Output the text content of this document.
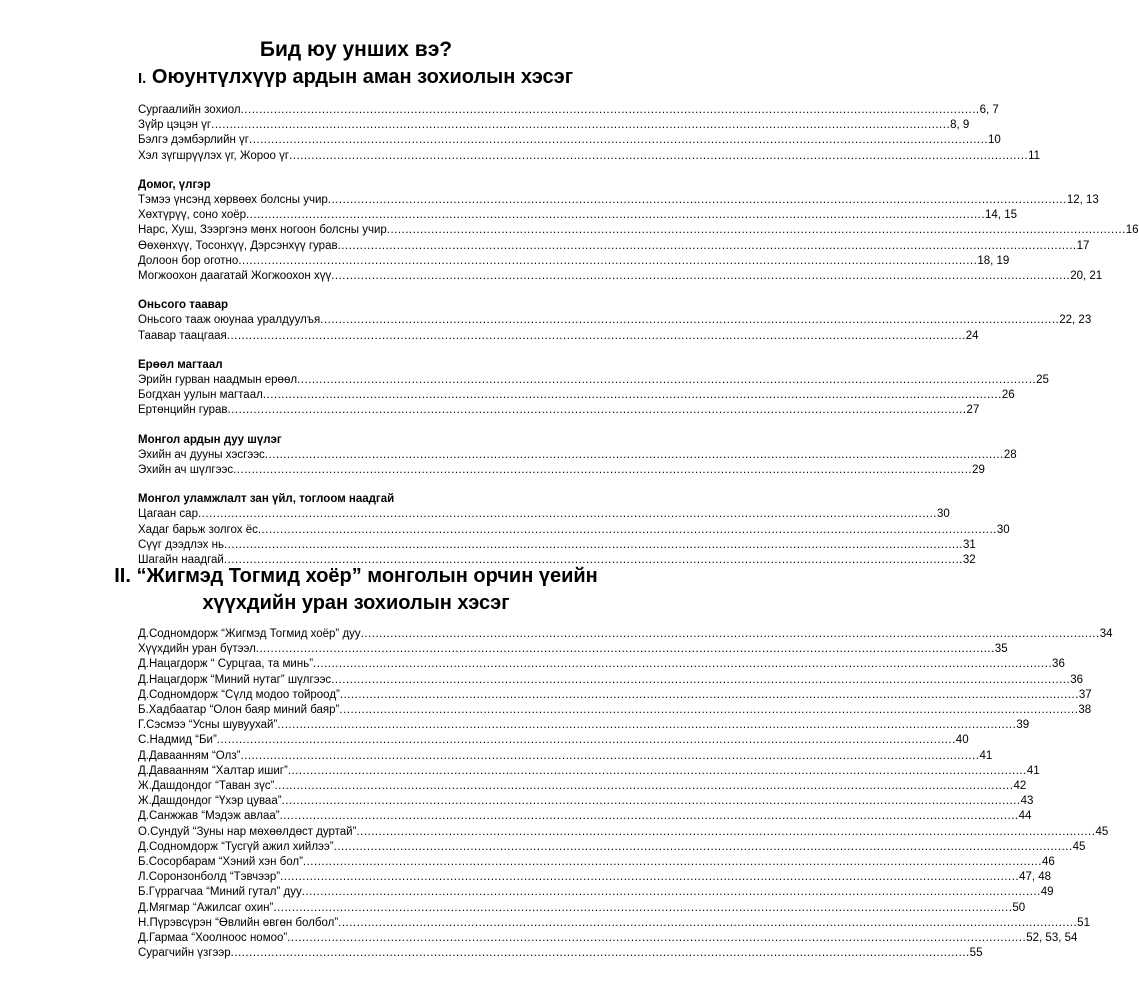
Бид юу унших вэ?
I. Оюунтүлхүүр ардын аман зохиолын хэсэг
Сургаалийн зохиол ........................................................................................................................................................................................................ 6, 7
Зүйр цэцэн үг ........................................................................................................................................................................................................ 8, 9
Бэлгэ дэмбэрлийн үг ........................................................................................................................................................................................................ 10
Хэл зүгшрүүлэх үг, Жороо үг ........................................................................................................................................................................................................ 11
Домог, үлгэр
Тэмээ үнсэнд хөрвөөх болсны учир ........................................................................................................................................................................................................ 12, 13
Хөхтүрүү, соно хоёр ........................................................................................................................................................................................................ 14, 15
Нарс, Хуш, Зээргэнэ мөнх ногоон болсны учир ........................................................................................................................................................................................................ 16
Өөхөнхүү, Тосонхүү, Дэрсэнхүү гурав ........................................................................................................................................................................................................ 17
Долоон бор оготно ........................................................................................................................................................................................................ 18, 19
Могжоохон даагатай Жогжоохон хүү ........................................................................................................................................................................................................ 20, 21
Оньсого таавар
Оньсого тааж оюунаа уралдуулъя ........................................................................................................................................................................................................ 22, 23
Таавар таацгаая ........................................................................................................................................................................................................ 24
Ерөөл магтаал
Эрийн гурван наадмын ерөөл ........................................................................................................................................................................................................ 25
Богдхан уулын магтаал ........................................................................................................................................................................................................ 26
Ертөнцийн гурав ........................................................................................................................................................................................................ 27
Монгол ардын дуу шүлэг
Эхийн ач дууны хэсгээс ........................................................................................................................................................................................................ 28
Эхийн ач шүлгээс ........................................................................................................................................................................................................ 29
Монгол уламжлалт зан үйл, тоглоом наадгай
Цагаан сар ........................................................................................................................................................................................................ 30
Хадаг барьж золгох ёс ........................................................................................................................................................................................................ 30
Сүүг дээдлэх нь ........................................................................................................................................................................................................ 31
Шагайн наадгай ........................................................................................................................................................................................................ 32
II. “Жигмэд Тогмид хоёр” монголын орчин үеийн
хүүхдийн уран зохиолын хэсэг
Д.Содномдорж “Жигмэд Тогмид хоёр” дуу ........................................................................................................................................................................................................ 34
Хүүхдийн уран бүтээл ........................................................................................................................................................................................................ 35
Д.Нацагдорж “ Сурцгаа, та минь” ........................................................................................................................................................................................................ 36
Д.Нацагдорж “Миний нутаг” шүлгээс ........................................................................................................................................................................................................ 36
Д.Содномдорж “Сүлд модоо тойроод” ........................................................................................................................................................................................................ 37
Б.Хадбаатар “Олон баяр миний баяр” ........................................................................................................................................................................................................ 38
Г.Сэсмээ “Усны шувуухай” ........................................................................................................................................................................................................ 39
С.Надмид “Би” ........................................................................................................................................................................................................ 40
Д.Даваанням “Олз” ........................................................................................................................................................................................................ 41
Д.Даваанням “Халтар ишиг” ........................................................................................................................................................................................................ 41
Ж.Дашдондог “Таван зүс” ........................................................................................................................................................................................................ 42
Ж.Дашдондог “Үхэр цуваа” ........................................................................................................................................................................................................ 43
Д.Санжжав “Мэдэж авлаа” ........................................................................................................................................................................................................ 44
О.Сундуй “Зуны нар мөхөөлдөст дуртай” ........................................................................................................................................................................................................ 45
Д.Содномдорж “Тусгүй ажил хийлээ” ........................................................................................................................................................................................................ 45
Б.Сосорбарам “Хэний хэн бол” ........................................................................................................................................................................................................ 46
Л.Соронзонболд “Тэвчээр” ........................................................................................................................................................................................................ 47, 48
Б.Гүррагчаа “Миний гутал” дуу ........................................................................................................................................................................................................ 49
Д.Мягмар “Ажилсаг охин” ........................................................................................................................................................................................................ 50
Н.Пүрэвсүрэн “Өвлийн өвгөн болбол” ........................................................................................................................................................................................................ 51
Д.Гармаа “Хоолноос номоо” ........................................................................................................................................................................................................ 52, 53, 54
Сурагчийн үзгээр ........................................................................................................................................................................................................ 55
